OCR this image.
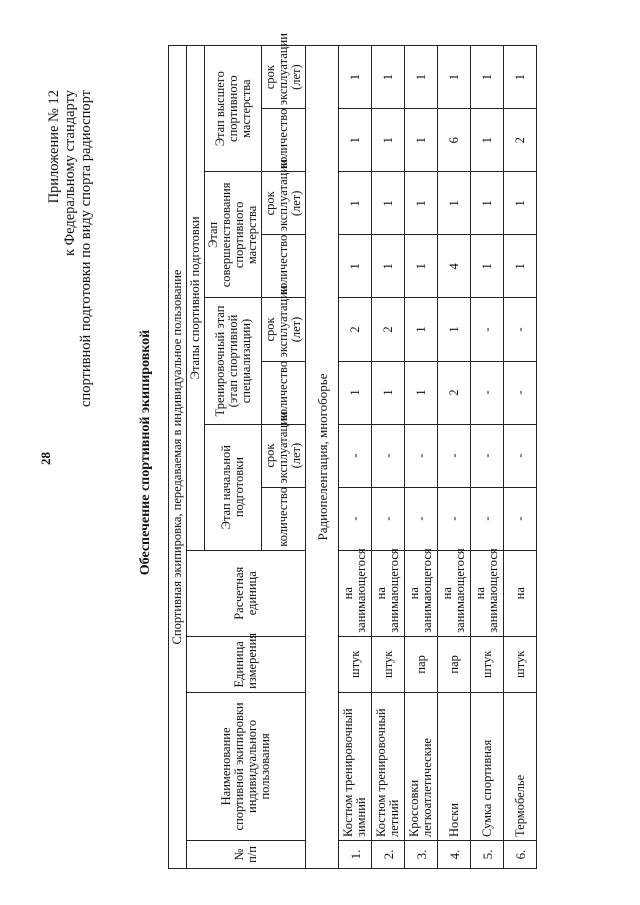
28
Приложение № 12 к Федеральному стандарту спортивной подготовки по виду спорта радиоспорт
Обеспечение спортивной экипировкой Спортивная экипировка, передаваемая в индивидуальное пользование											
№ п/п	Наименование спортивной экипировки индивидуального пользования	Единица измерения	Расчетная единица	Этапы спортивной подготовки							
				Этап начальной подготовки		Тренировочный этап (этап спортивной специализации)		Этап совершенствования спортивного мастерства		Этап высшего спортивного мастерства	
				количество	срок эксплуатации (лет)	количество	срок эксплуатации (лет)	количество	срок эксплуатации (лет)	количество	срок эксплуатации (лет)
Радиопеленгация, многоборье											
1.	Костюм тренировочный зимний	штук	на занимающегося	-	-	1	2	1	1	1	1
2.	Костюм тренировочный летний	штук	на занимающегося	-	-	1	2	1	1	1	1
3.	Кроссовки легкоатлетические	пар	на занимающегося	-	-	1	1	1	1	1	1
4.	Носки	пар	на занимающегося	-	-	2	1	4	1	6	1
5.	Сумка спортивная	штук	на занимающегося	-	-	-	-	1	1	1	1
6.	Термобелье	штук	на	-	-	-	-	1	1	2	1
